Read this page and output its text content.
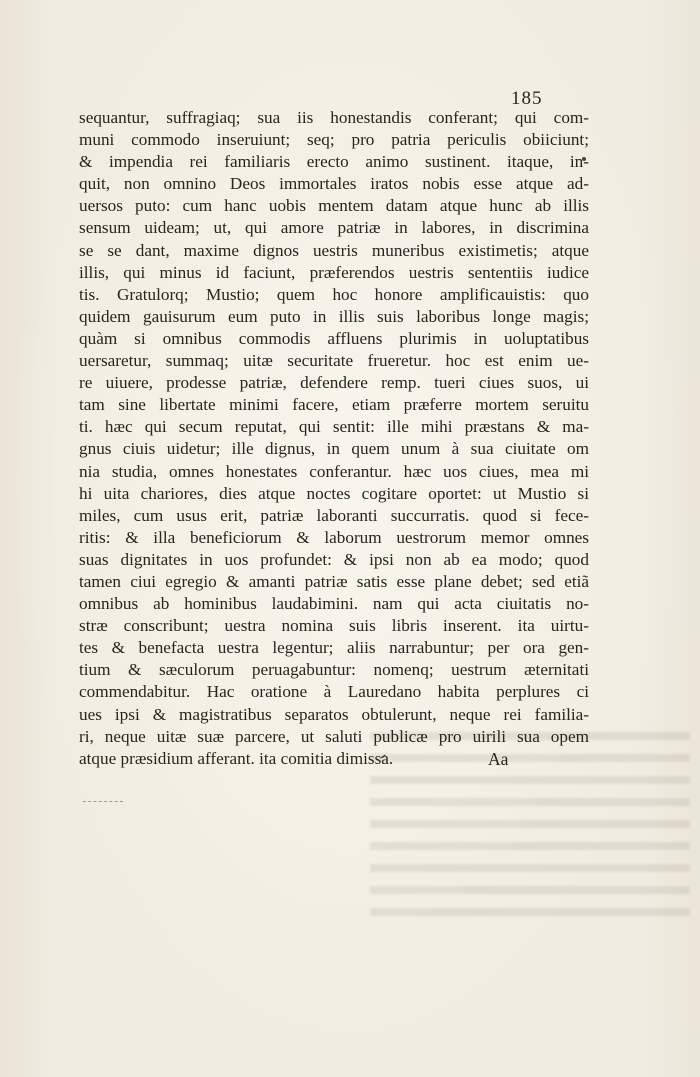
185
sequantur, suffragiaq; sua iis honestandis conferant; qui com-
muni commodo inseruiunt; seq; pro patria periculis obiiciunt;
& impendia rei familiaris erecto animo sustinent. itaque, in-
quit, non omnino Deos immortales iratos nobis esse atque ad-
uersos puto: cum hanc uobis mentem datam atque hunc ab illis
sensum uideam; ut, qui amore patriæ in labores, in discrimina
se se dant, maxime dignos uestris muneribus existimetis; atque
illis, qui minus id faciunt, præferendos uestris sententiis iudice
tis. Gratulorq; Mustio; quem hoc honore amplificauistis: quo
quidem gauisurum eum puto in illis suis laboribus longe magis;
quàm si omnibus commodis affluens plurimis in uoluptatibus
uersaretur, summaq; uitæ securitate frueretur. hoc est enim ue-
re uiuere, prodesse patriæ, defendere remp. tueri ciues suos, ui
tam sine libertate minimi facere, etiam præferre mortem seruitu
ti. hæc qui secum reputat, qui sentit: ille mihi præstans & ma-
gnus ciuis uidetur; ille dignus, in quem unum à sua ciuitate om
nia studia, omnes honestates conferantur. hæc uos ciues, mea mi
hi uita chariores, dies atque noctes cogitare oportet: ut Mustio si
miles, cum usus erit, patriæ laboranti succurratis. quod si fece-
ritis: & illa beneficiorum & laborum uestrorum memor omnes
suas dignitates in uos profundet: & ipsi non ab ea modo; quod
tamen ciui egregio & amanti patriæ satis esse plane debet; sed etiã
omnibus ab hominibus laudabimini. nam qui acta ciuitatis no-
stræ conscribunt; uestra nomina suis libris inserent. ita uirtu-
tes & benefacta uestra legentur; aliis narrabuntur; per ora gen-
tium & sæculorum peruagabuntur: nomenq; uestrum æternitati
commendabitur. Hac oratione à Lauredano habita perplures ci
ues ipsi & magistratibus separatos obtulerunt, neque rei familia-
ri, neque uitæ suæ parcere, ut saluti publicæ pro uirili sua opem
atque præsidium afferant. ita comitia dimissa.	Aa
